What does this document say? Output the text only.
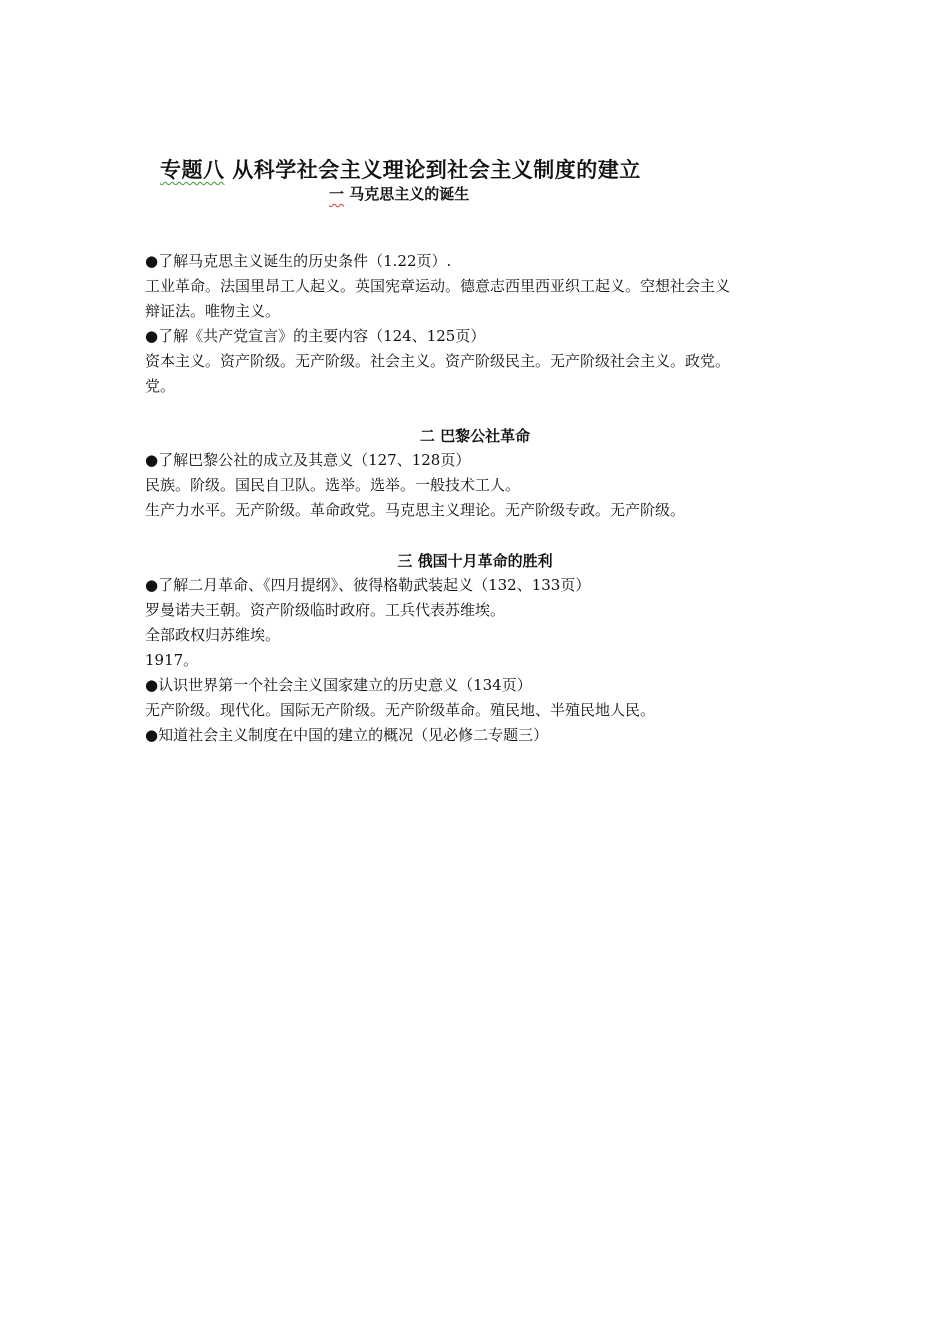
专题八 从科学社会主义理论到社会主义制度的建立
一 马克思主义的诞生
●了解马克思主义诞生的历史条件（1.22页）.
工业革命。法国里昂工人起义。英国宪章运动。德意志西里西亚织工起义。空想社会主义
辩证法。唯物主义。
●了解《共产党宣言》的主要内容（124、125页）
资本主义。资产阶级。无产阶级。社会主义。资产阶级民主。无产阶级社会主义。政党。
党。
二 巴黎公社革命
●了解巴黎公社的成立及其意义（127、128页）
民族。阶级。国民自卫队。选举。选举。一般技术工人。
生产力水平。无产阶级。革命政党。马克思主义理论。无产阶级专政。无产阶级。
三 俄国十月革命的胜利
●了解二月革命、《四月提纲》、彼得格勒武装起义（132、133页）
罗曼诺夫王朝。资产阶级临时政府。工兵代表苏维埃。
全部政权归苏维埃。
1917。
●认识世界第一个社会主义国家建立的历史意义（134页）
无产阶级。现代化。国际无产阶级。无产阶级革命。殖民地、半殖民地人民。
●知道社会主义制度在中国的建立的概况（见必修二专题三）
